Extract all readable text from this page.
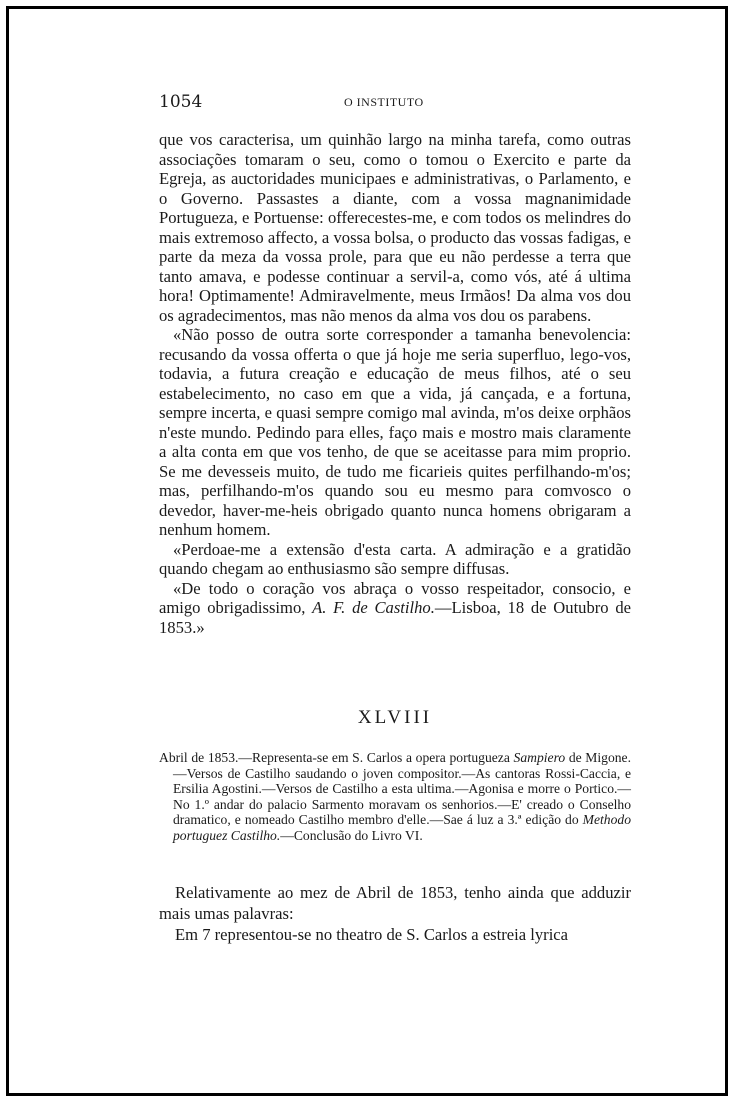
1054	O INSTITUTO

que vos caracterisa, um quinhão largo na minha tarefa, como outras associações tomaram o seu, como o tomou o Exercito e parte da Egreja, as auctoridades municipaes e administrativas, o Parlamento, e o Governo. Passastes a diante, com a vossa magnanimidade Portugueza, e Portuense: offerecestes-me, e com todos os melindres do mais extremoso affecto, a vossa bolsa, o producto das vossas fadigas, e parte da meza da vossa prole, para que eu não perdesse a terra que tanto amava, e podesse continuar a servil-a, como vós, até á ultima hora! Optimamente! Admiravelmente, meus Irmãos! Da alma vos dou os agradecimentos, mas não menos da alma vos dou os parabens.

«Não posso de outra sorte corresponder a tamanha benevolencia: recusando da vossa offerta o que já hoje me seria superfluo, lego-vos, todavia, a futura creação e educação de meus filhos, até o seu estabelecimento, no caso em que a vida, já cançada, e a fortuna, sempre incerta, e quasi sempre comigo mal avinda, m'os deixe orphãos n'este mundo. Pedindo para elles, faço mais e mostro mais claramente a alta conta em que vos tenho, de que se aceitasse para mim proprio. Se me devesseis muito, de tudo me ficarieis quites perfilhando-m'os; mas, perfilhando-m'os quando sou eu mesmo para comvosco o devedor, haver-me-heis obrigado quanto nunca homens obrigaram a nenhum homem.

«Perdoae-me a extensão d'esta carta. A admiração e a gratidão quando chegam ao enthusiasmo são sempre diffusas.

«De todo o coração vos abraça o vosso respeitador, consocio, e amigo obrigadissimo, A. F. de Castilho.—Lisboa, 18 de Outubro de 1853.»

XLVIII

Abril de 1853.—Representa-se em S. Carlos a opera portugueza Sampiero de Migone.—Versos de Castilho saudando o joven compositor.—As cantoras Rossi-Caccia, e Ersilia Agostini.—Versos de Castilho a esta ultima.—Agonisa e morre o Portico.—No 1.º andar do palacio Sarmento moravam os senhorios.—E' creado o Conselho dramatico, e nomeado Castilho membro d'elle.—Sae á luz a 3.ª edição do Methodo portuguez Castilho.—Conclusão do Livro VI.

Relativamente ao mez de Abril de 1853, tenho ainda que adduzir mais umas palavras:

Em 7 representou-se no theatro de S. Carlos a estreia lyrica
